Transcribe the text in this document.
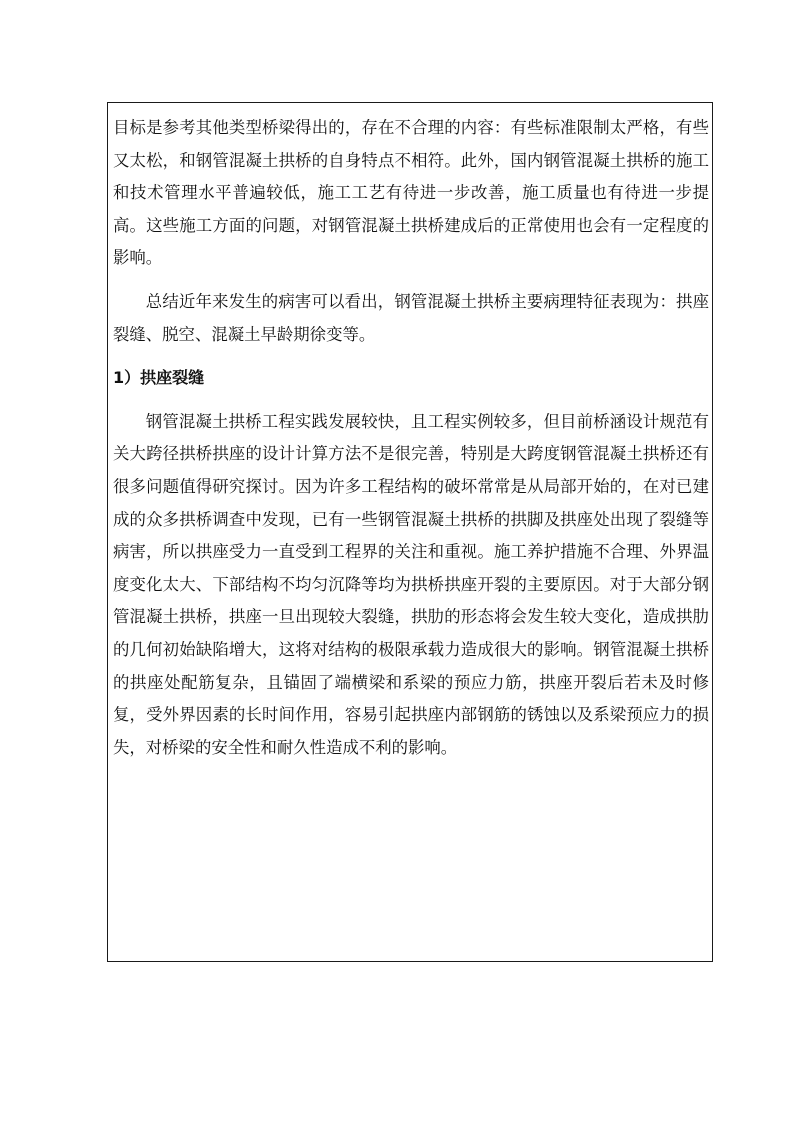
目标是参考其他类型桥梁得出的，存在不合理的内容：有些标准限制太严格，有些又太松，和钢管混凝土拱桥的自身特点不相符。此外，国内钢管混凝土拱桥的施工和技术管理水平普遍较低，施工工艺有待进一步改善，施工质量也有待进一步提高。这些施工方面的问题，对钢管混凝土拱桥建成后的正常使用也会有一定程度的影响。

总结近年来发生的病害可以看出，钢管混凝土拱桥主要病理特征表现为：拱座裂缝、脱空、混凝土早龄期徐变等。

1）拱座裂缝

钢管混凝土拱桥工程实践发展较快，且工程实例较多，但目前桥涵设计规范有关大跨径拱桥拱座的设计计算方法不是很完善，特别是大跨度钢管混凝土拱桥还有很多问题值得研究探讨。因为许多工程结构的破坏常常是从局部开始的，在对已建成的众多拱桥调查中发现，已有一些钢管混凝土拱桥的拱脚及拱座处出现了裂缝等病害，所以拱座受力一直受到工程界的关注和重视。施工养护措施不合理、外界温度变化太大、下部结构不均匀沉降等均为拱桥拱座开裂的主要原因。对于大部分钢管混凝土拱桥，拱座一旦出现较大裂缝，拱肋的形态将会发生较大变化，造成拱肋的几何初始缺陷增大，这将对结构的极限承载力造成很大的影响。钢管混凝土拱桥的拱座处配筋复杂，且锚固了端横梁和系梁的预应力筋，拱座开裂后若未及时修复，受外界因素的长时间作用，容易引起拱座内部钢筋的锈蚀以及系梁预应力的损失，对桥梁的安全性和耐久性造成不利的影响。
